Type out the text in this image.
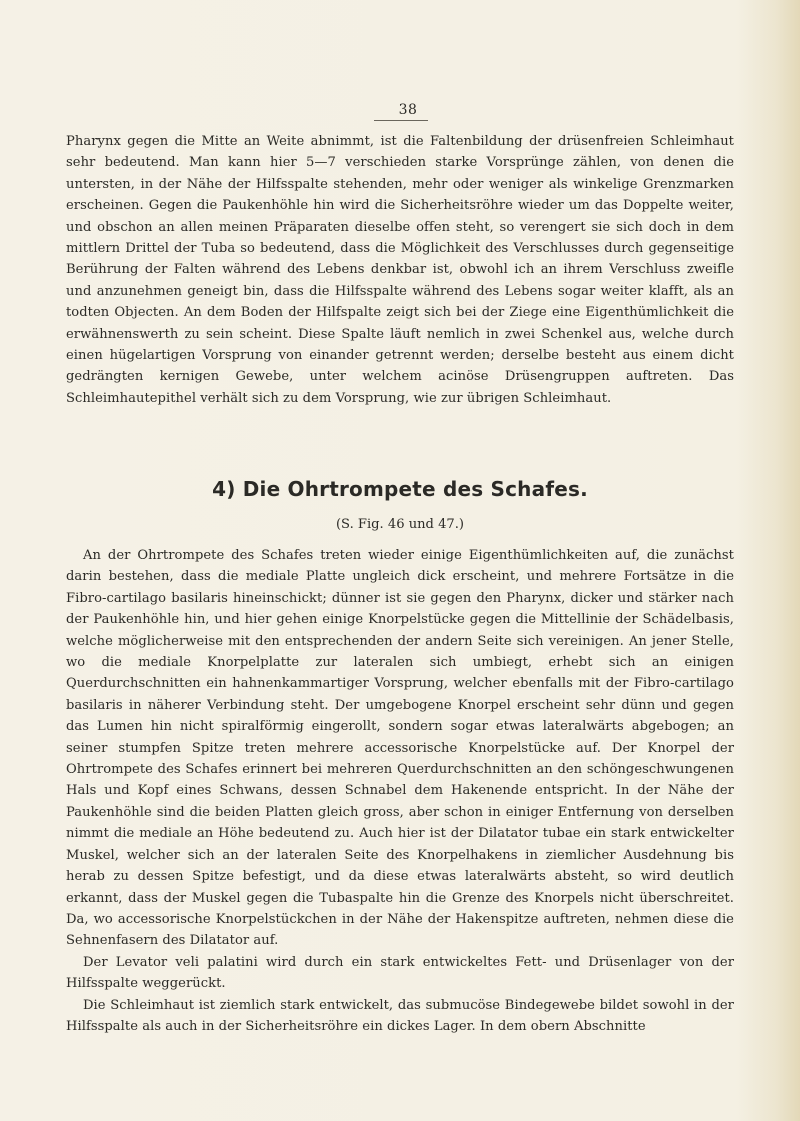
38

Pharynx gegen die Mitte an Weite abnimmt, ist die Faltenbildung der drüsenfreien Schleimhaut sehr bedeutend. Man kann hier 5—7 verschieden starke Vorsprünge zählen, von denen die untersten, in der Nähe der Hilfsspalte stehenden, mehr oder weniger als winkelige Grenzmarken erscheinen. Gegen die Paukenhöhle hin wird die Sicherheitsröhre wieder um das Doppelte weiter, und obschon an allen meinen Präparaten dieselbe offen steht, so verengert sie sich doch in dem mittlern Drittel der Tuba so bedeutend, dass die Möglichkeit des Verschlusses durch gegenseitige Berührung der Falten während des Lebens denkbar ist, obwohl ich an ihrem Verschluss zweifle und anzunehmen geneigt bin, dass die Hilfsspalte während des Lebens sogar weiter klafft, als an todten Objecten. An dem Boden der Hilfspalte zeigt sich bei der Ziege eine Eigenthümlichkeit die erwähnenswerth zu sein scheint. Diese Spalte läuft nemlich in zwei Schenkel aus, welche durch einen hügelartigen Vorsprung von einander getrennt werden; derselbe besteht aus einem dicht gedrängten kernigen Gewebe, unter welchem acinöse Drüsengruppen auftreten. Das Schleimhautepithel verhält sich zu dem Vorsprung, wie zur übrigen Schleimhaut.

4) Die Ohrtrompete des Schafes.
(S. Fig. 46 und 47.)

An der Ohrtrompete des Schafes treten wieder einige Eigenthümlichkeiten auf, die zunächst darin bestehen, dass die mediale Platte ungleich dick erscheint, und mehrere Fortsätze in die Fibro-cartilago basilaris hineinschickt; dünner ist sie gegen den Pharynx, dicker und stärker nach der Paukenhöhle hin, und hier gehen einige Knorpelstücke gegen die Mittellinie der Schädelbasis, welche möglicherweise mit den entsprechenden der andern Seite sich vereinigen. An jener Stelle, wo die mediale Knorpelplatte zur lateralen sich umbiegt, erhebt sich an einigen Querdurchschnitten ein hahnenkammartiger Vorsprung, welcher ebenfalls mit der Fibro-cartilago basilaris in näherer Verbindung steht. Der umgebogene Knorpel erscheint sehr dünn und gegen das Lumen hin nicht spiralförmig eingerollt, sondern sogar etwas lateralwärts abgebogen; an seiner stumpfen Spitze treten mehrere accessorische Knorpelstücke auf. Der Knorpel der Ohrtrompete des Schafes erinnert bei mehreren Querdurchschnitten an den schöngeschwungenen Hals und Kopf eines Schwans, dessen Schnabel dem Hakenende entspricht. In der Nähe der Paukenhöhle sind die beiden Platten gleich gross, aber schon in einiger Entfernung von derselben nimmt die mediale an Höhe bedeutend zu. Auch hier ist der Dilatator tubae ein stark entwickelter Muskel, welcher sich an der lateralen Seite des Knorpelhakens in ziemlicher Ausdehnung bis herab zu dessen Spitze befestigt, und da diese etwas lateralwärts absteht, so wird deutlich erkannt, dass der Muskel gegen die Tubaspalte hin die Grenze des Knorpels nicht überschreitet. Da, wo accessorische Knorpelstückchen in der Nähe der Hakenspitze auftreten, nehmen diese die Sehnenfasern des Dilatator auf.

Der Levator veli palatini wird durch ein stark entwickeltes Fett- und Drüsenlager von der Hilfsspalte weggerückt.

Die Schleimhaut ist ziemlich stark entwickelt, das submucöse Bindegewebe bildet sowohl in der Hilfsspalte als auch in der Sicherheitsröhre ein dickes Lager. In dem obern Abschnitte
